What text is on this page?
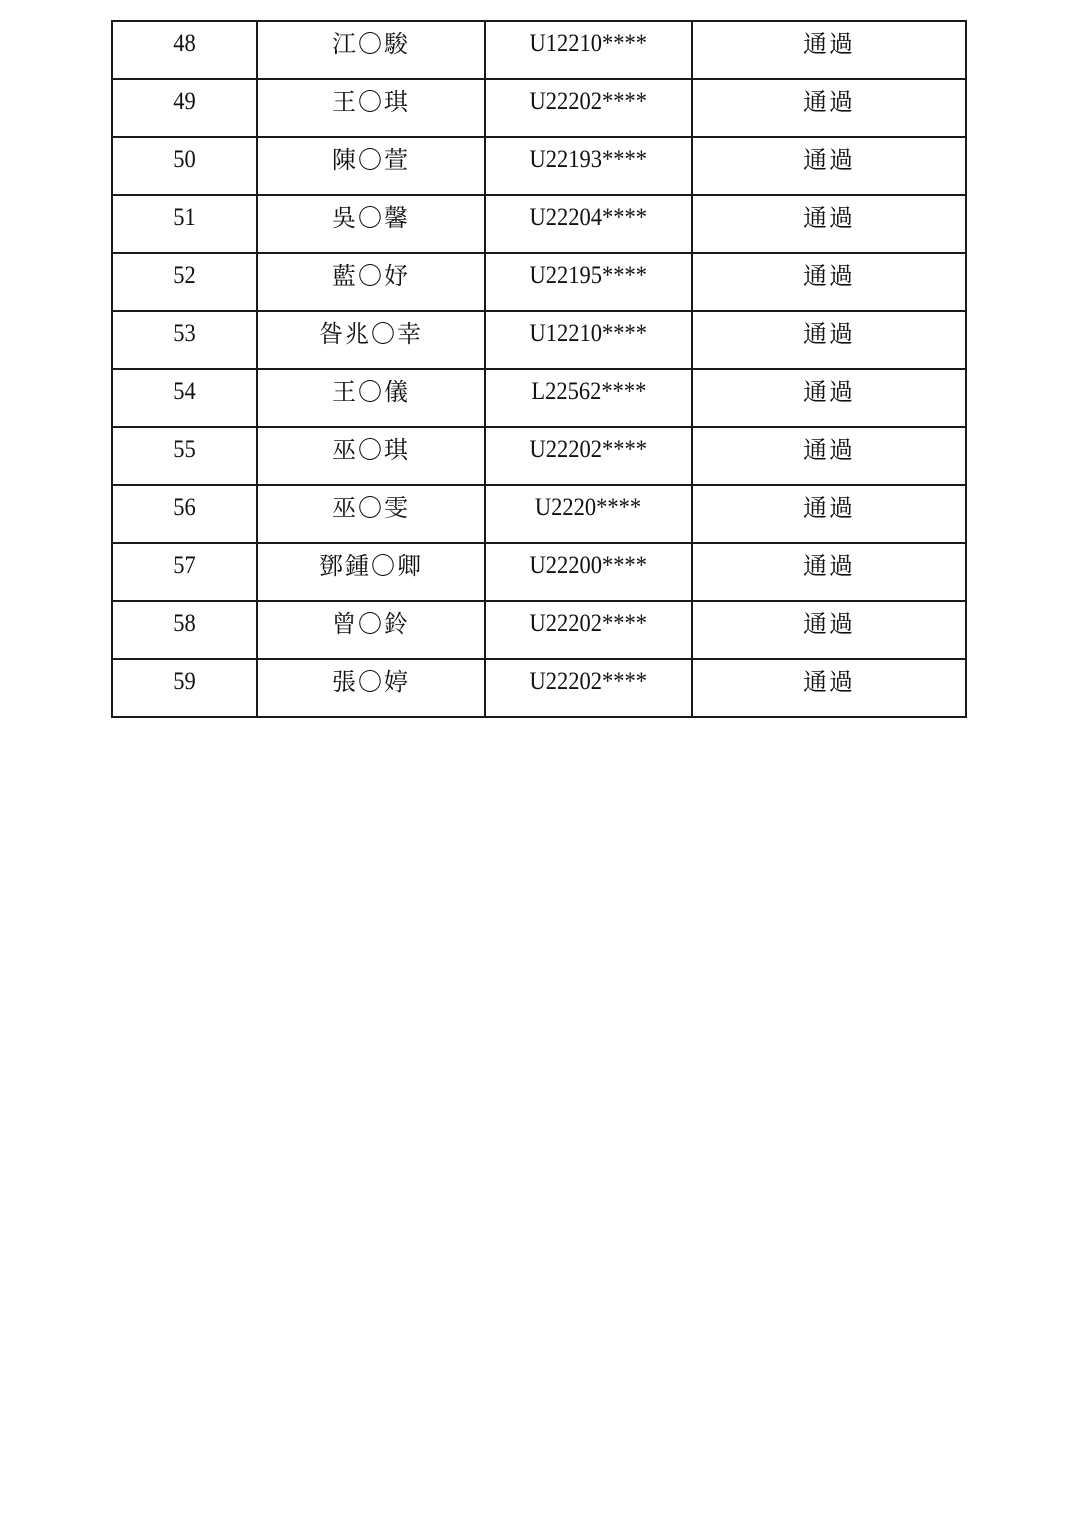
48	江〇駿	U12210****	通過
49	王〇琪	U22202****	通過
50	陳〇萱	U22193****	通過
51	吳〇馨	U22204****	通過
52	藍〇妤	U22195****	通過
53	昝兆〇幸	U12210****	通過
54	王〇儀	L22562****	通過
55	巫〇琪	U22202****	通過
56	巫〇雯	U2220****	通過
57	鄧鍾〇卿	U22200****	通過
58	曾〇鈴	U22202****	通過
59	張〇婷	U22202****	通過
